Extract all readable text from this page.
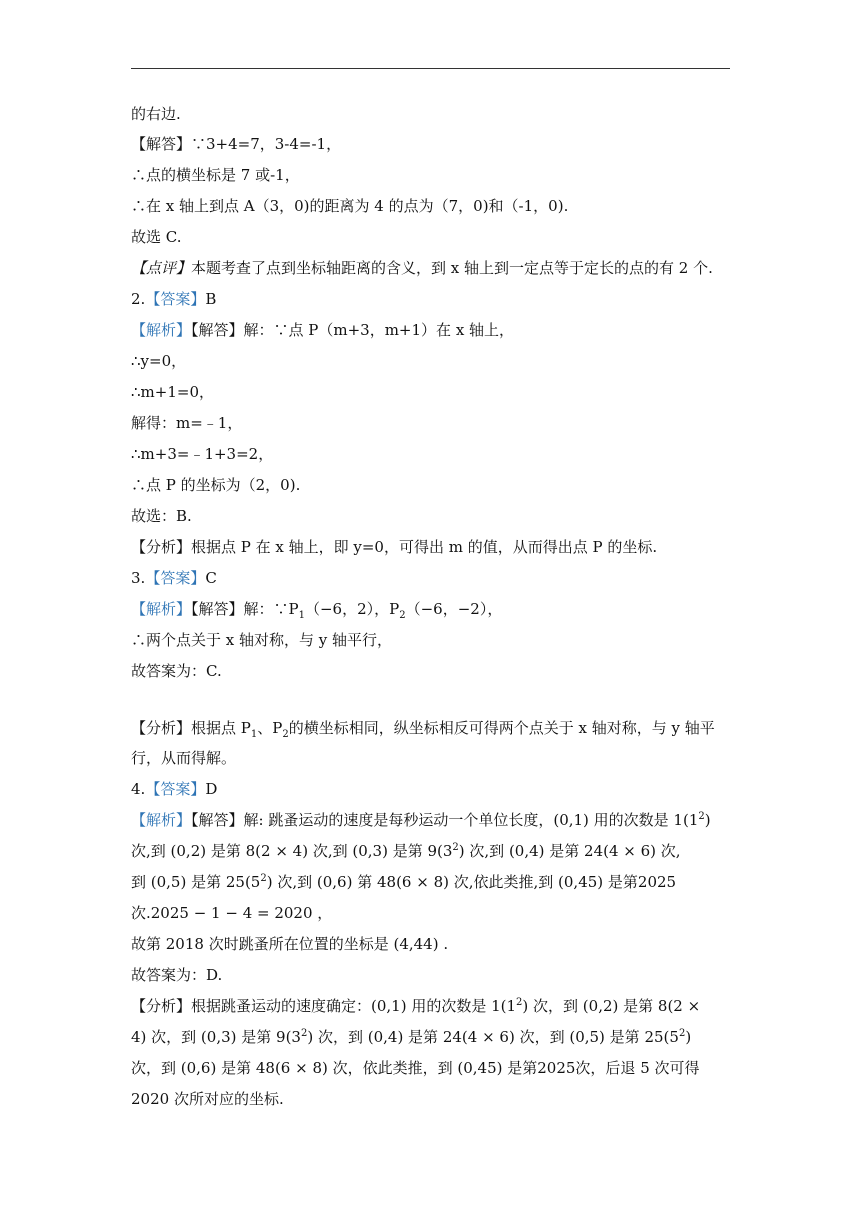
的右边.
【解答】∵3+4=7，3-4=-1，
∴点的横坐标是 7 或-1，
∴在 x 轴上到点 A（3，0)的距离为 4 的点为（7，0)和（-1，0).
故选 C.
【点评】本题考查了点到坐标轴距离的含义，到 x 轴上到一定点等于定长的点的有 2 个.
2.【答案】B
【解析】【解答】解：∵点 P（m+3，m+1）在 x 轴上，
∴y=0，
∴m+1=0，
解得：m=﹣1，
∴m+3=﹣1+3=2，
∴点 P 的坐标为（2，0).
故选：B.
【分析】根据点 P 在 x 轴上，即 y=0，可得出 m 的值，从而得出点 P 的坐标.
3.【答案】C
【解析】【解答】解：$\because P_1(-6$，2），$P_2(-6$，−2），
∴两个点关于 x 轴对称，与 y 轴平行，
故答案为：C.
【分析】根据点 $P_1$、$P_2$的横坐标相同，纵坐标相反可得两个点关于 x 轴对称，与 y 轴平
行，从而得解。
4.【答案】D
【解析】【解答】解: 跳蚤运动的速度是每秒运动一个单位长度，(0,1) 用的次数是 $1(1^2)$
次,到 (0,2) 是第 8(2 × 4) 次,到 (0,3) 是第 $9(3^2)$ 次,到 (0,4) 是第 24(4 × 6) 次,
到 (0,5) 是第 $25(5^2)$ 次,到 (0,6) 第 48(6 × 8) 次,依此类推,到 (0,45) 是第2025
次.2025 − 1 − 4 = 2020 ，
故第 2018 次时跳蚤所在位置的坐标是 (4,44) .
故答案为：D.
【分析】根据跳蚤运动的速度确定：(0,1) 用的次数是 $1(1^2)$ 次，到 (0,2) 是第 8(2 ×
4) 次，到 (0,3) 是第 $9(3^2)$ 次，到 (0,4) 是第 24(4 × 6) 次，到 (0,5) 是第 $25(5^2)$
次，到 (0,6) 是第 48(6 × 8) 次，依此类推，到 (0,45) 是第2025次，后退 5 次可得
2020 次所对应的坐标.
